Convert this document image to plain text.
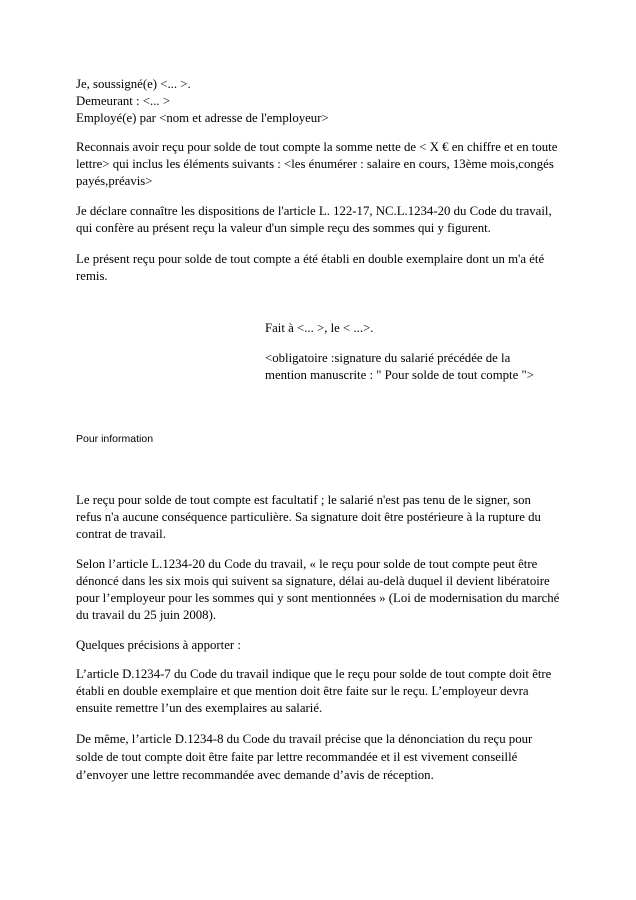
Je, soussigné(e) <... >.

Demeurant : <... >

Employé(e) par <nom et adresse de l'employeur>

Reconnais avoir reçu pour solde de tout compte la somme nette de < X € en chiffre et en toute

lettre> qui inclus les éléments suivants : <les énumérer : salaire en cours, 13ème mois,congés

payés,préavis>

Je déclare connaître les dispositions de l'article L. 122-17, NC.L.1234-20 du Code du travail,

qui confère au présent reçu la valeur d'un simple reçu des sommes qui y figurent.

Le présent reçu pour solde de tout compte a été établi en double exemplaire dont un m'a été

remis.

Fait à <... >, le < ...>.

<obligatoire :signature du salarié précédée de la

mention manuscrite : " Pour solde de tout compte ">

Pour information

Le reçu pour solde de tout compte est facultatif ; le salarié n'est pas tenu de le signer, son

refus n'a aucune conséquence particulière. Sa signature doit être postérieure à la rupture du

contrat de travail.

Selon l’article L.1234-20 du Code du travail, « le reçu pour solde de tout compte peut être

dénoncé dans les six mois qui suivent sa signature, délai au-delà duquel il devient libératoire

pour l’employeur pour les sommes qui y sont mentionnées » (Loi de modernisation du marché

du travail du 25 juin 2008).

Quelques précisions à apporter :

L’article D.1234-7 du Code du travail indique que le reçu pour solde de tout compte doit être

établi en double exemplaire et que mention doit être faite sur le reçu. L’employeur devra

ensuite remettre l’un des exemplaires au salarié.

De même, l’article D.1234-8 du Code du travail précise que la dénonciation du reçu pour

solde de tout compte doit être faite par lettre recommandée et il est vivement conseillé

d’envoyer une lettre recommandée avec demande d’avis de réception.
